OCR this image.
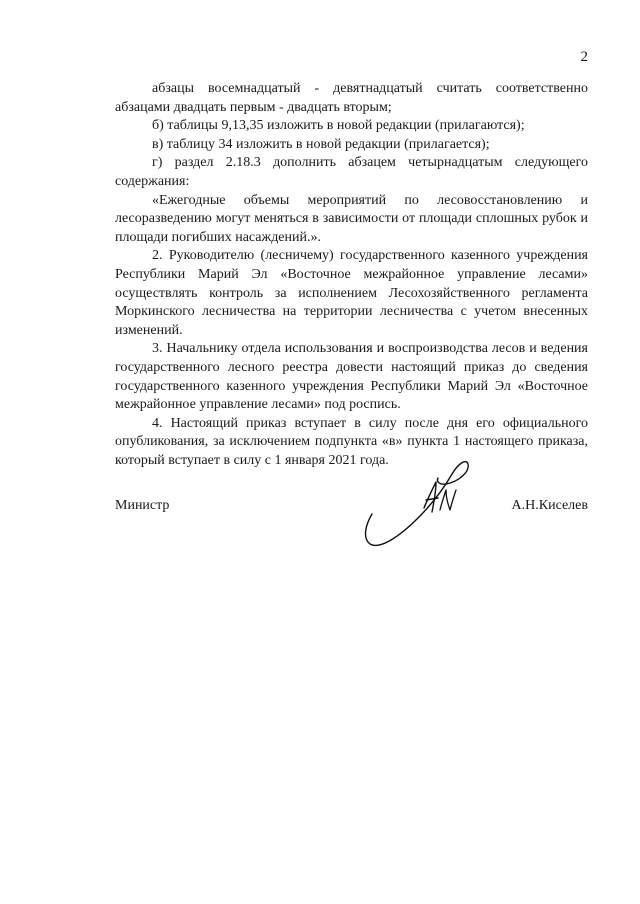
2

абзацы восемнадцатый - девятнадцатый считать соответственно абзацами двадцать первым - двадцать вторым;

б) таблицы 9,13,35 изложить в новой редакции (прилагаются);

в) таблицу 34 изложить в новой редакции (прилагается);

г) раздел 2.18.3 дополнить абзацем четырнадцатым следующего содержания:

«Ежегодные объемы мероприятий по лесовосстановлению и лесоразведению могут меняться в зависимости от площади сплошных рубок и площади погибших насаждений.».

2. Руководителю (лесничему) государственного казенного учреждения Республики Марий Эл «Восточное межрайонное управление лесами» осуществлять контроль за исполнением Лесохозяйственного регламента Моркинского лесничества на территории лесничества с учетом внесенных изменений.

3. Начальнику отдела использования и воспроизводства лесов и ведения государственного лесного реестра довести настоящий приказ до сведения государственного казенного учреждения Республики Марий Эл «Восточное межрайонное управление лесами» под роспись.

4. Настоящий приказ вступает в силу после дня его официального опубликования, за исключением подпункта «в» пункта 1 настоящего приказа, который вступает в силу с 1 января 2021 года.

Министр	А.Н.Киселев
